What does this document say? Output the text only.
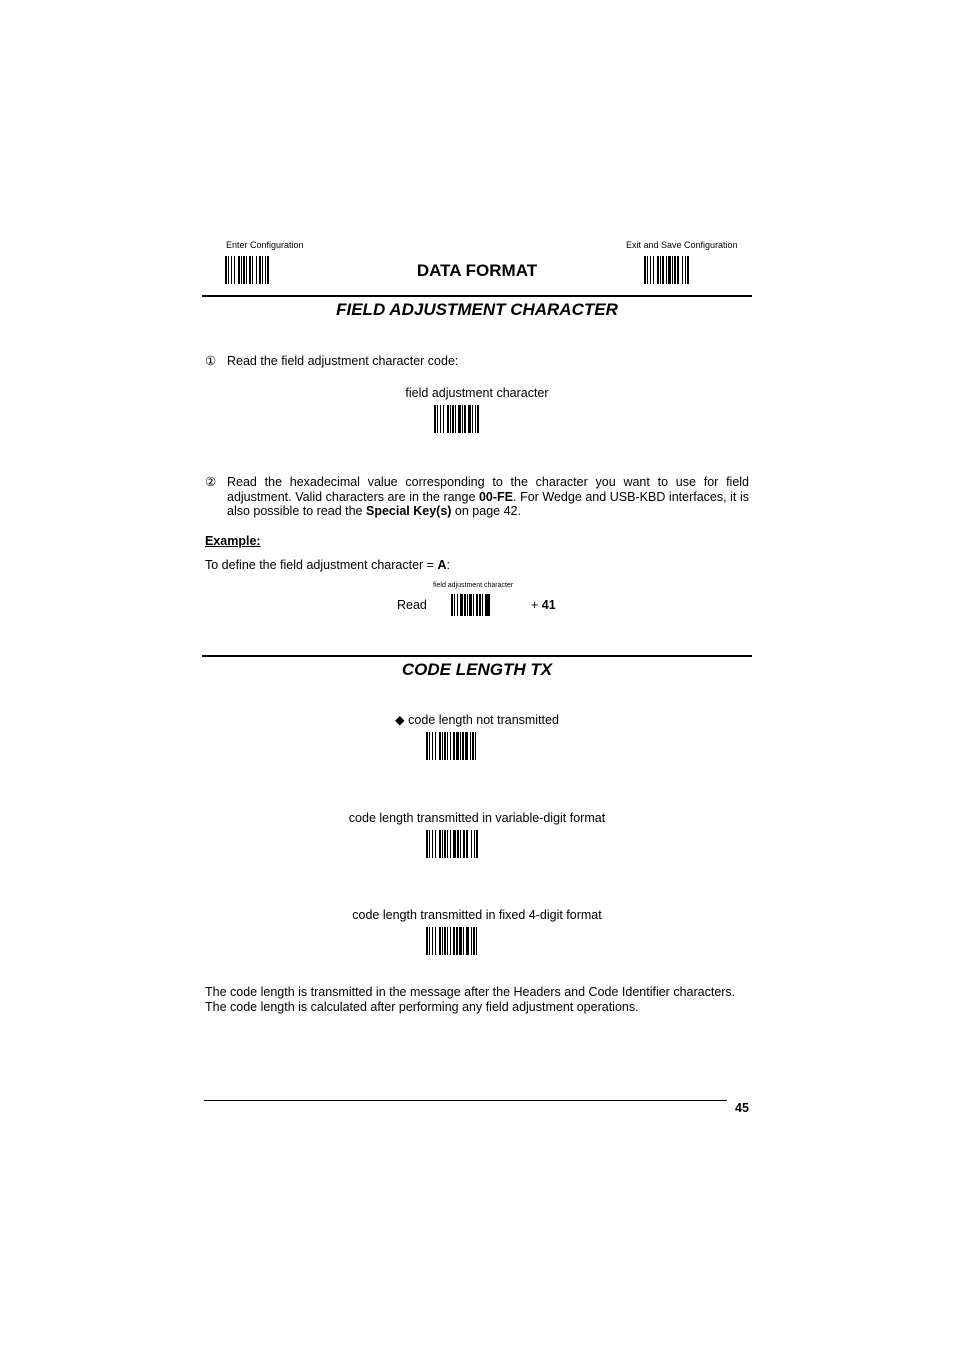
Enter Configuration
DATA FORMAT
Exit and Save Configuration
FIELD ADJUSTMENT CHARACTER
① Read the field adjustment character code:
field adjustment character
② Read the hexadecimal value corresponding to the character you want to use for field adjustment. Valid characters are in the range 00-FE. For Wedge and USB-KBD interfaces, it is also possible to read the Special Key(s) on page 42.
Example:
To define the field adjustment character = A:
field adjustment character
Read	+ 41
CODE LENGTH TX
◆ code length not transmitted
code length transmitted in variable-digit format
code length transmitted in fixed 4-digit format
The code length is transmitted in the message after the Headers and Code Identifier characters.
The code length is calculated after performing any field adjustment operations.
45
